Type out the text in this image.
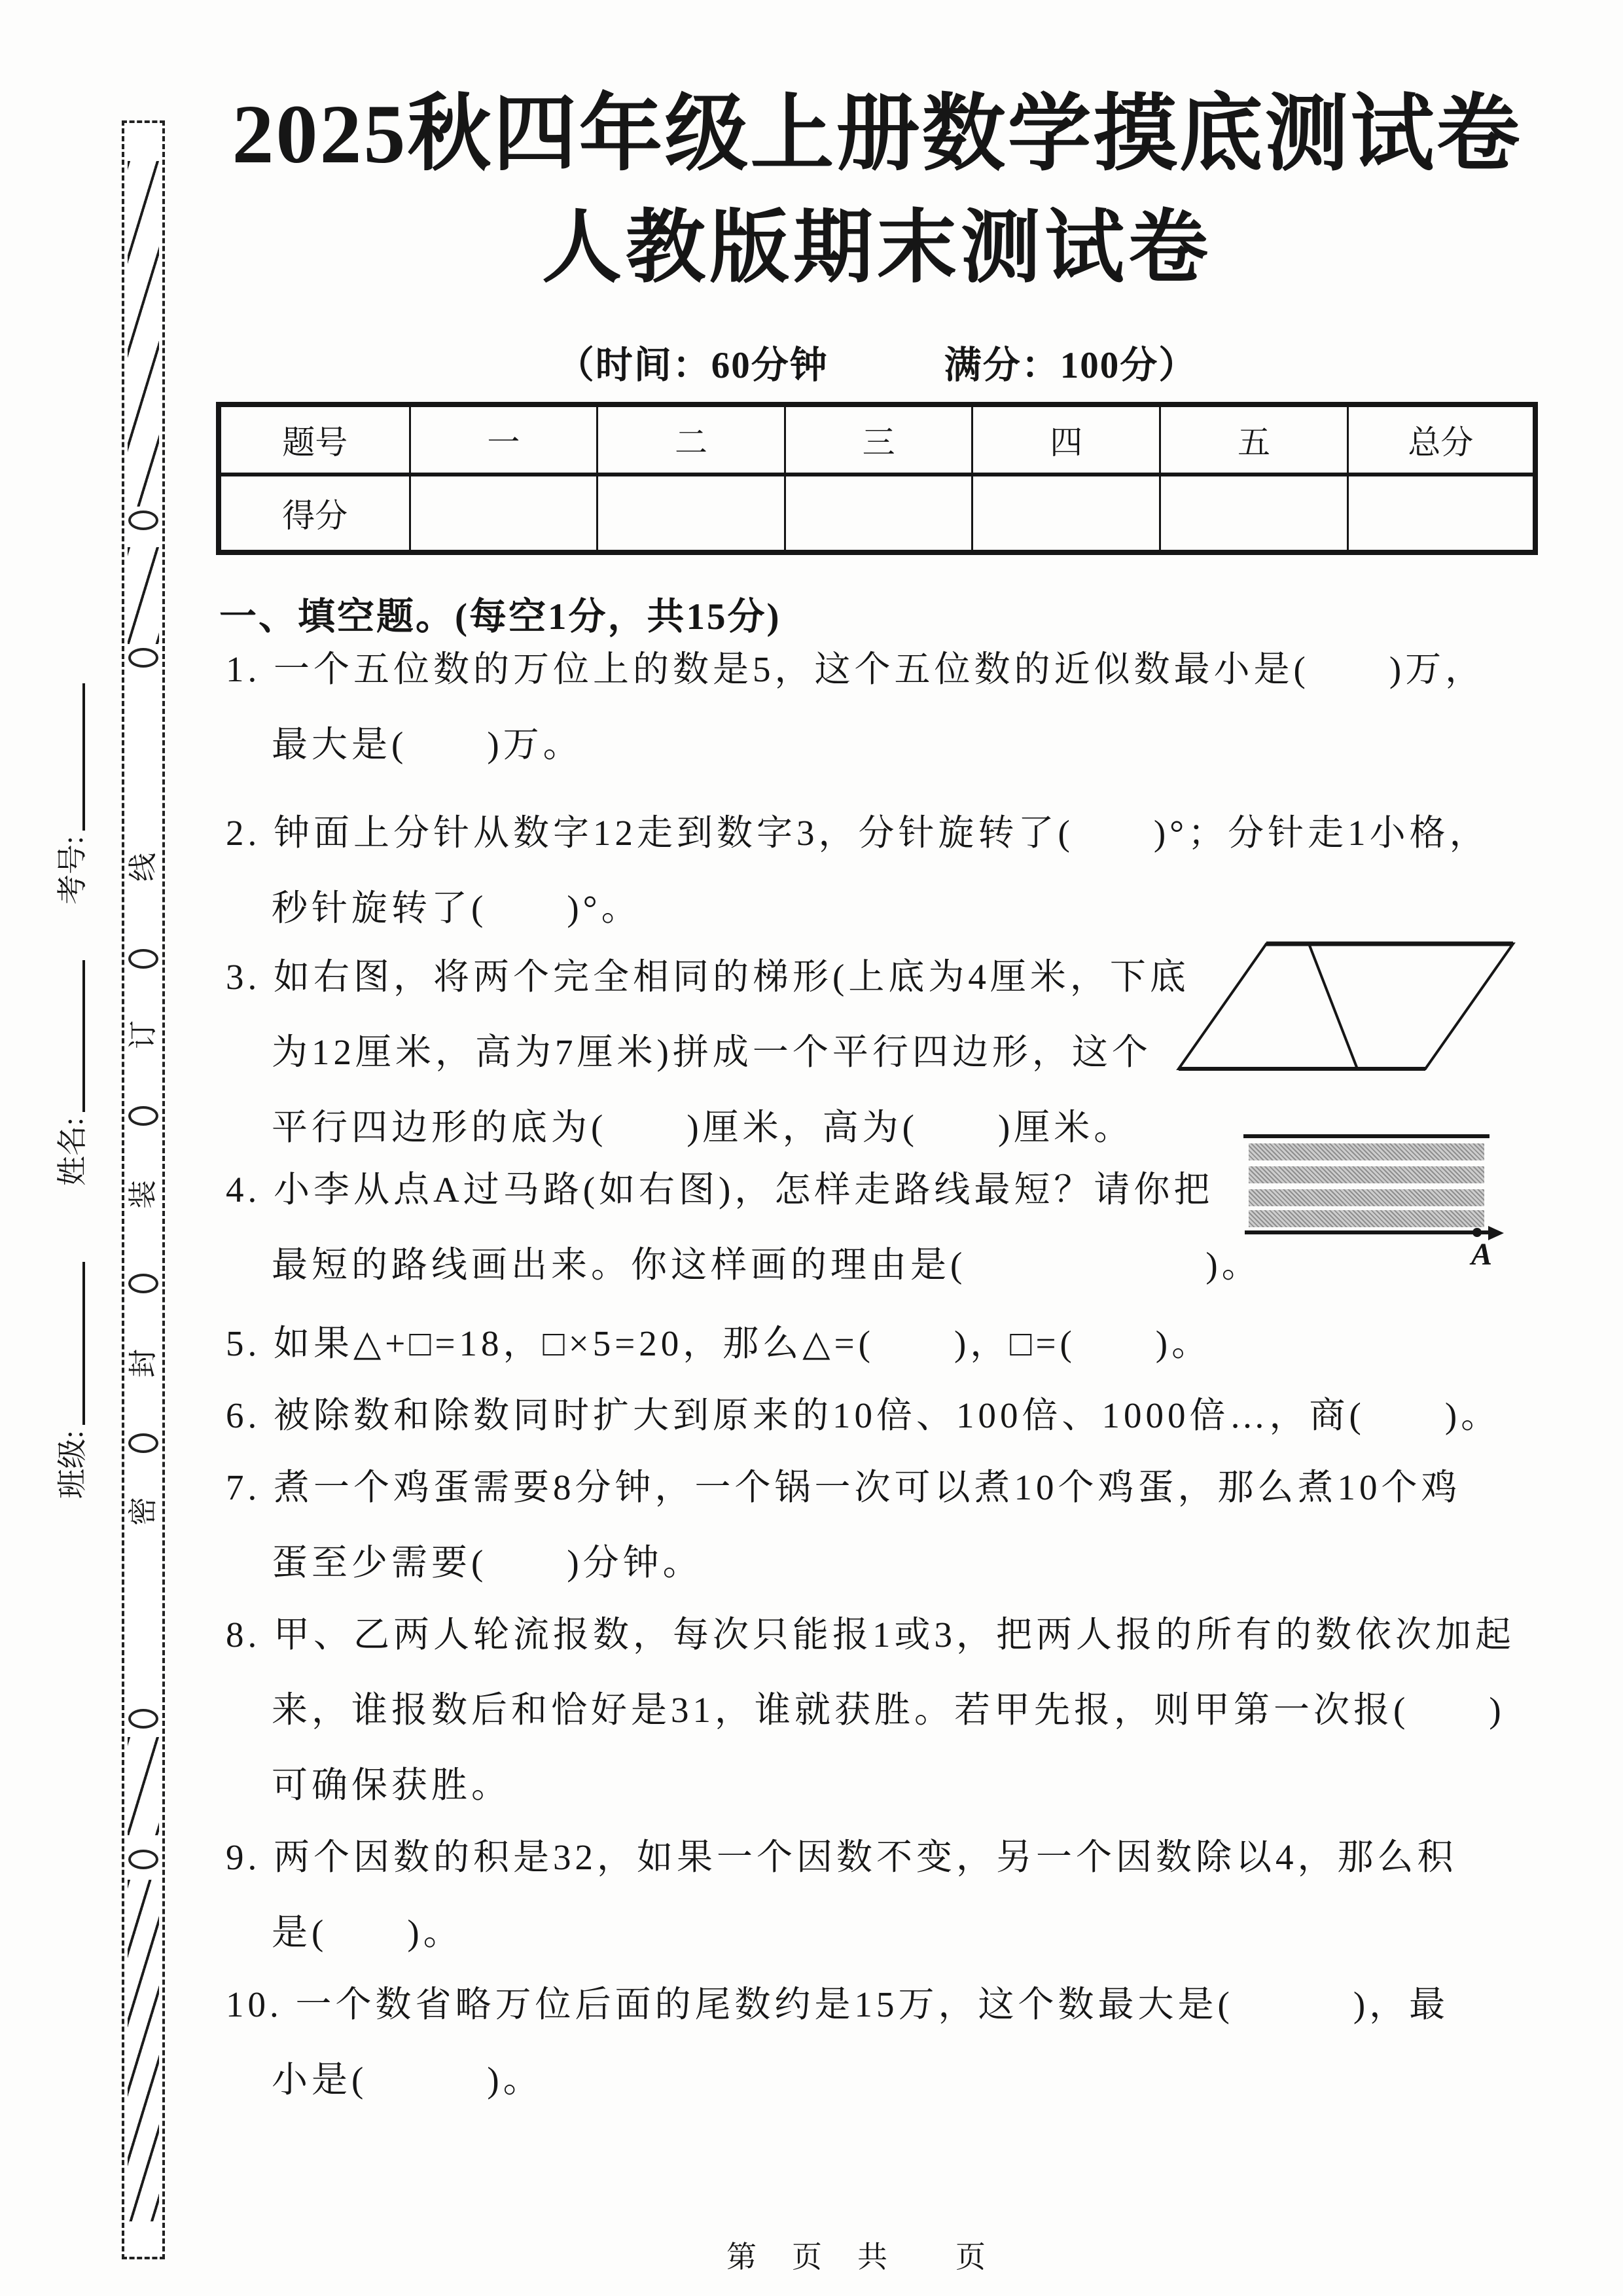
线
订
装
封
密
考号:
姓名:
班级:
2025秋四年级上册数学摸底测试卷
人教版期末测试卷
（时间：60分钟　　　满分：100分）
题号	一	二	三	四	五	总分
得分						
一、填空题。(每空1分，共15分)
1. 一个五位数的万位上的数是5，这个五位数的近似数最小是(　　)万，
最大是(　　)万。
2. 钟面上分针从数字12走到数字3，分针旋转了(　　)°；分针走1小格，
秒针旋转了(　　)°。
3. 如右图，将两个完全相同的梯形(上底为4厘米，下底
为12厘米，高为7厘米)拼成一个平行四边形，这个
平行四边形的底为(　　)厘米，高为(　　)厘米。
4. 小李从点A过马路(如右图)，怎样走路线最短？请你把
最短的路线画出来。你这样画的理由是(　　　　　　)。
5. 如果△+□=18，□×5=20，那么△=(　　)，□=(　　)。
6. 被除数和除数同时扩大到原来的10倍、100倍、1000倍…，商(　　)。
7. 煮一个鸡蛋需要8分钟，一个锅一次可以煮10个鸡蛋，那么煮10个鸡
蛋至少需要(　　)分钟。
8. 甲、乙两人轮流报数，每次只能报1或3，把两人报的所有的数依次加起
来，谁报数后和恰好是31，谁就获胜。若甲先报，则甲第一次报(　　)
可确保获胜。
9. 两个因数的积是32，如果一个因数不变，另一个因数除以4，那么积
是(　　)。
10. 一个数省略万位后面的尾数约是15万，这个数最大是(　　　)，最
小是(　　　)。
A
第　页　共　　页
